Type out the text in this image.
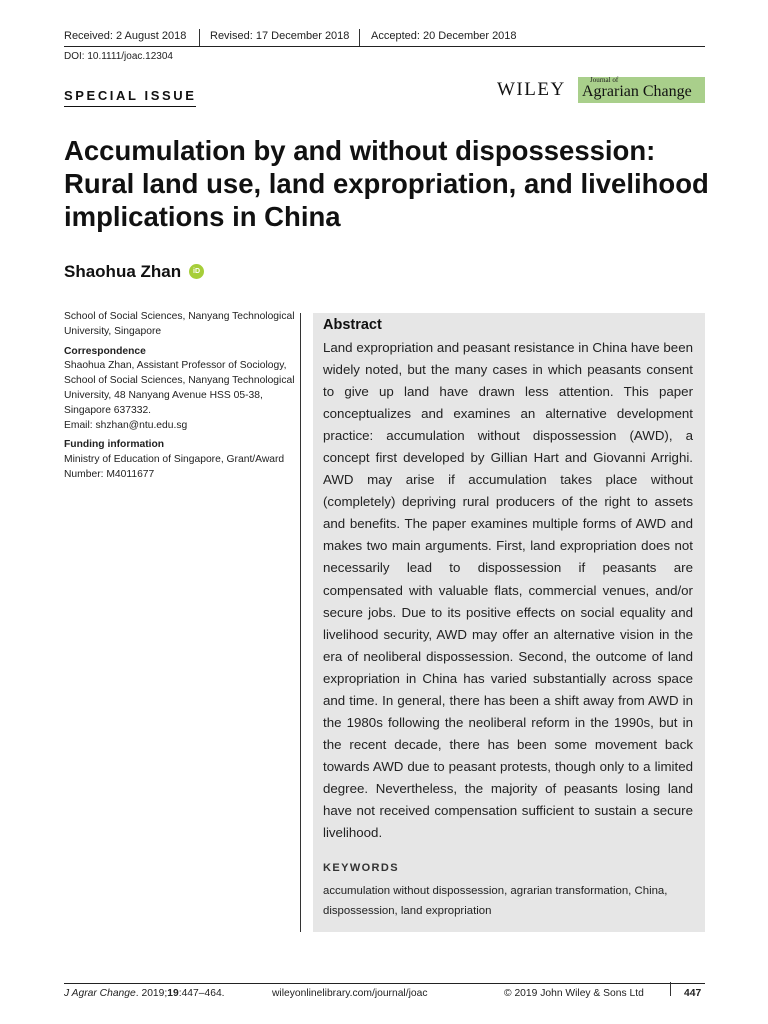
Received: 2 August 2018 Revised: 17 December 2018 Accepted: 20 December 2018
DOI: 10.1111/joac.12304
SPECIAL ISSUE	WILEY	Journal of
Agrarian Change
Accumulation by and without dispossession: Rural land use, land expropriation, and livelihood implications in China
Shaohua Zhan	iD

School of Social Sciences, Nanyang Technological University, Singapore

Correspondence

Shaohua Zhan, Assistant Professor of Sociology, School of Social Sciences, Nanyang Technological University, 48 Nanyang Avenue HSS 05-38, Singapore 637332.

Email: shzhan@ntu.edu.sg

Funding information

Ministry of Education of Singapore, Grant/Award Number: M4011677

Abstract
Land expropriation and peasant resistance in China have been widely noted, but the many cases in which peasants consent to give up land have drawn less attention. This paper conceptualizes and examines an alternative development practice: accumulation without dispossession (AWD), a concept first developed by Gillian Hart and Giovanni Arrighi. AWD may arise if accumulation takes place without (completely) depriving rural producers of the right to assets and benefits. The paper examines multiple forms of AWD and makes two main arguments. First, land expropriation does not necessarily lead to dispossession if peasants are compensated with valuable flats, commercial venues, and/or secure jobs. Due to its positive effects on social equality and livelihood security, AWD may offer an alternative vision in the era of neoliberal dispossession. Second, the outcome of land expropriation in China has varied substantially across space and time. In general, there has been a shift away from AWD in the 1980s following the neoliberal reform in the 1990s, but in the recent decade, there has been some movement back towards AWD due to peasant protests, though only to a limited degree. Nevertheless, the majority of peasants losing land have not received compensation sufficient to sustain a secure livelihood.
KEYWORDS
accumulation without dispossession, agrarian transformation, China, dispossession, land expropriation
J Agrar Change. 2019;19:447–464.	wileyonlinelibrary.com/journal/joac	© 2019 John Wiley & Sons Ltd	447
